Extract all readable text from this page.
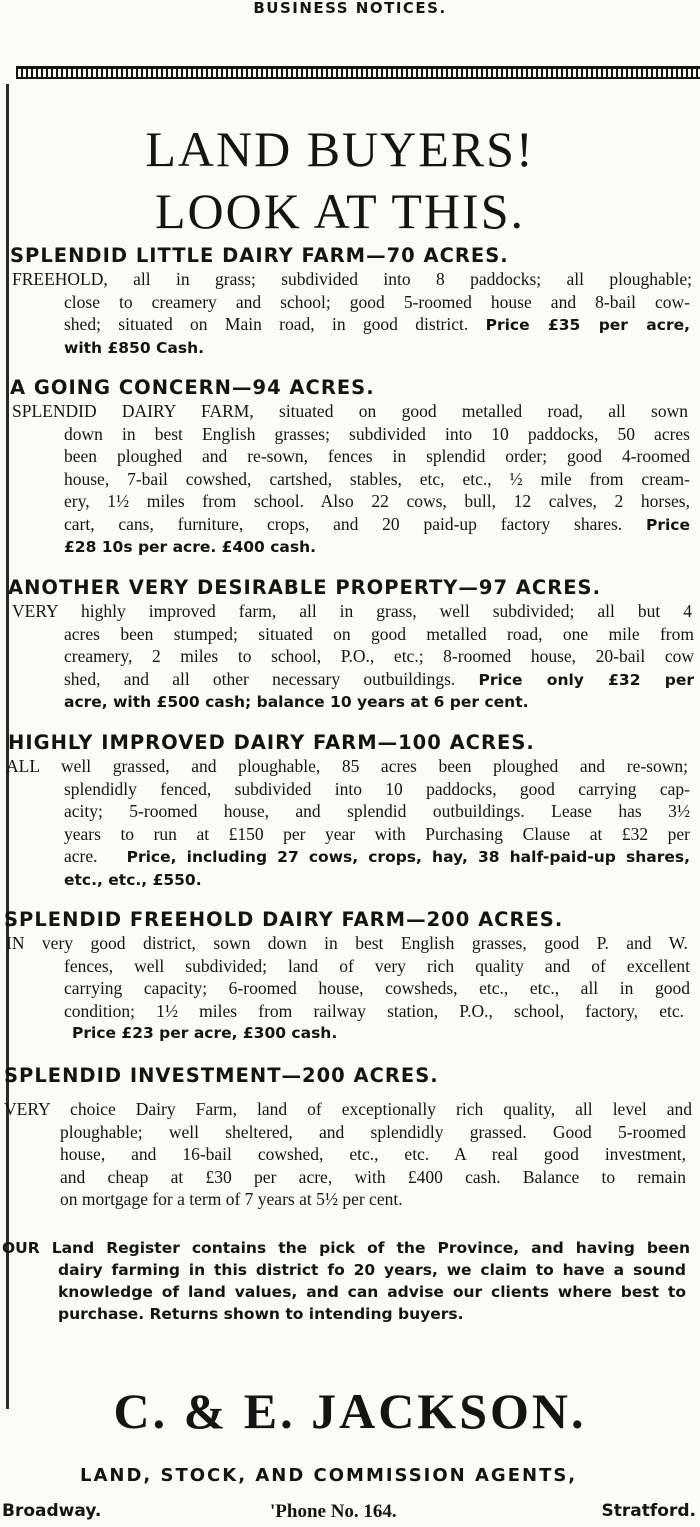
BUSINESS NOTICES.
LAND BUYERS!
LOOK AT THIS.
SPLENDID LITTLE DAIRY FARM—70 ACRES.
FREEHOLD, all in grass; subdivided into 8 paddocks; all ploughable;
close to creamery and school; good 5-roomed house and 8-bail cow-
shed; situated on Main road, in good district. Price £35 per acre,
with £850 Cash.
A GOING CONCERN—94 ACRES.
SPLENDID DAIRY FARM, situated on good metalled road, all sown
down in best English grasses; subdivided into 10 paddocks, 50 acres
been ploughed and re-sown, fences in splendid order; good 4-roomed
house, 7-bail cowshed, cartshed, stables, etc, etc., ½ mile from cream-
ery, 1½ miles from school. Also 22 cows, bull, 12 calves, 2 horses,
cart, cans, furniture, crops, and 20 paid-up factory shares. Price
£28 10s per acre. £400 cash.
ANOTHER VERY DESIRABLE PROPERTY—97 ACRES.
VERY highly improved farm, all in grass, well subdivided; all but 4
acres been stumped; situated on good metalled road, one mile from
creamery, 2 miles to school, P.O., etc.; 8-roomed house, 20-bail cow
shed, and all other necessary outbuildings. Price only £32 per
acre, with £500 cash; balance 10 years at 6 per cent.
HIGHLY IMPROVED DAIRY FARM—100 ACRES.
ALL well grassed, and ploughable, 85 acres been ploughed and re-sown;
splendidly fenced, subdivided into 10 paddocks, good carrying cap-
acity; 5-roomed house, and splendid outbuildings. Lease has 3½
years to run at £150 per year with Purchasing Clause at £32 per
acre. Price, including 27 cows, crops, hay, 38 half-paid-up shares,
etc., etc., £550.
SPLENDID FREEHOLD DAIRY FARM—200 ACRES.
IN very good district, sown down in best English grasses, good P. and W.
fences, well subdivided; land of very rich quality and of excellent
carrying capacity; 6-roomed house, cowsheds, etc., etc., all in good
condition; 1½ miles from railway station, P.O., school, factory, etc.
Price £23 per acre, £300 cash.
SPLENDID INVESTMENT—200 ACRES.
VERY choice Dairy Farm, land of exceptionally rich quality, all level and
ploughable; well sheltered, and splendidly grassed. Good 5-roomed
house, and 16-bail cowshed, etc., etc. A real good investment,
and cheap at £30 per acre, with £400 cash. Balance to remain
on mortgage for a term of 7 years at 5½ per cent.
OUR Land Register contains the pick of the Province, and having been
dairy farming in this district fo 20 years, we claim to have a sound
knowledge of land values, and can advise our clients where best to
purchase. Returns shown to intending buyers.
C. & E. JACKSON.
LAND, STOCK, AND COMMISSION AGENTS,
Broadway.	'Phone No. 164.	Stratford.
